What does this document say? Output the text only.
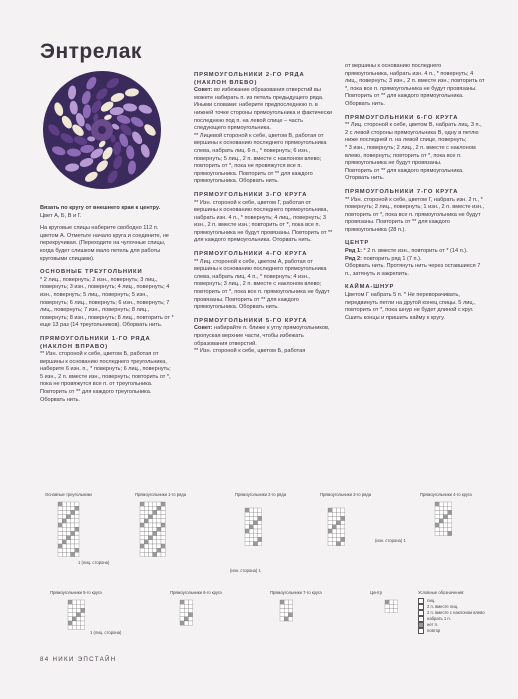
Энтрелак

Вязать по кругу от внешнего края к центру.

Цвет А, Б, В и Г.

На круговые спицы наберите свободно 112 п. цветом А. Отметьте начало круга и соедините, не перекручивая. (Переходите на чулочные спицы, когда будет слишком мало петель для работы круговыми спицами).

ОСНОВНЫЕ ТРЕУГОЛЬНИКИ

* 2 лиц., повернуть; 2 изн., повернуть; 3 лиц., повернуть; 3 изн., повернуть; 4 лиц., повернуть; 4 изн., повернуть; 5 лиц., повернуть; 5 изн., повернуть; 6 лиц., повернуть; 6 изн., повернуть; 7 лиц., повернуть; 7 изн., повернуть; 8 лиц., повернуть; 8 изн., повернуть; 8 лиц., повторить от * еще 13 раз (14 треугольников). Оборвать нить.

ПРЯМОУГОЛЬНИКИ 1-ГО РЯДА (НАКЛОН ВПРАВО)

** Изн. стороной к себе, цветом Б, работая от вершины к основанию последнего треугольника, наберите 6 изн. п., * повернуть; 6 лиц., повернуть; 5 изн., 2 п. вместе изн., повернуть; повторить от *, пока не провяжутся все п. от треугольника. Повторить от ** для каждого треугольника. Оборвать нить.

ПРЯМОУГОЛЬНИКИ 2-ГО РЯДА (НАКЛОН ВЛЕВО)

Совет: во избежание образования отверстий вы можете набирать п. из петель предыдущего ряда. Иными словами: наберите предпоследнюю п. в нижней точке стороны прямоугольника и фактически последнюю под п. на левой спице – часть следующего прямоугольника.

** Лицевой стороной к себе, цветом В, работая от вершины к основанию последнего прямоугольника слева, набрать лиц. 6 п., * повернуть; 6 изн., повернуть; 5 лиц., 2 п. вместе с наклоном влево; повторить от *, пока не провяжутся все п. прямоугольника. Повторить от ** для каждого прямоугольника. Оборвать нить.

ПРЯМОУГОЛЬНИКИ 3-ГО КРУГА

** Изн. стороной к себе, цветом Г, работая от вершины к основанию последнего прямоугольника, набрать изн. 4 п., * повернуть; 4 лиц., повернуть; 3 изн., 2 п. вместе изн.; повторить от *, пока все п. прямоугольника не будут провязаны. Повторить от ** для каждого прямоугольника. Оторвать нить.

ПРЯМОУГОЛЬНИКИ 4-ГО КРУГА

** Лиц. стороной к себе, цветом А, работая от вершины к основанию последнего прямоугольника слева, набрать лиц. 4 п., * повернуть; 4 изн., повернуть; 3 лиц., 2 п. вместе с наклоном влево; повторить от *, пока все п. прямоугольника не будут провязаны. Повторить от ** для каждого прямоугольника. Оборвать нить.

ПРЯМОУГОЛЬНИКИ 5-ГО КРУГА

Совет: набирайте п. ближе к углу прямоугольников, пропуская верхние части, чтобы избежать образования отверстий.

** Изн. стороной к себе, цветом Б, работая

от вершины к основанию последнего прямоугольника, набрать изн. 4 п., * повернуть; 4 лиц., повернуть; 3 изн., 2 п. вместе изн.; повторить от *, пока все п. прямоугольника не будут провязаны. Повторить от ** для каждого прямоугольника. Оборвать нить.

ПРЯМОУГОЛЬНИКИ 6-ГО КРУГА

** Лиц. стороной к себе, цветом В, набрать лиц. 3 п., 2 с левой стороны прямоугольника В, одну в петлю ниже последней п. на левой спице, повернуть;

* 3 изн., повернуть; 2 лиц., 2 п. вместе с наклоном влево, повернуть; повторить от *, пока все п. прямоугольника не будут провязаны.

Повторить от ** для каждого прямоугольника. Оторвать нить.

ПРЯМОУГОЛЬНИКИ 7-ГО КРУГА

** Изн. стороной к себе, цветом Г, набрать изн. 2 п., * повернуть; 2 лиц., повернуть; 1 изн., 2 п. вместе изн., повторить от *, пока все п. прямоугольника не будут провязаны. Повторить от ** для каждого прямоугольника (28 п.).

ЦЕНТР

Ряд 1: * 2 п. вместе изн., повторить от * (14 п.).

Ряд 2: повторить ряд 1 (7 п.).

Оборвать нить. Протянуть нить через оставшиеся 7 п., затянуть и закрепить.

КАЙМА-ШНУР

Цветом Г набрать 5 п. * Не переворачивать, передвинуть петли на другой конец спицы. 5 лиц., повторить от *, пока шнур не будет длиной с круг. Сшить концы и пришить кайму к кругу.

Основные треугольники	Прямоугольники 1-го ряда	Прямоугольники 2-го ряда	Прямоугольники 3-го ряда	Прямоугольники 4-го круга
Прямоугольники 5-го круга	Прямоугольники 6-го круга	Прямоугольники 7-го круга	Центр
1 (лиц. сторона)
(изн. сторона) 1
(изн. сторона) 1
1 (лиц. сторона)
Условные обозначения:
лиц.
2 п. вместе лиц.
2 п. вместе с наклоном влево
набрать 1 п.
нет п.
повтор
84 НИКИ ЭПСТАЙН
